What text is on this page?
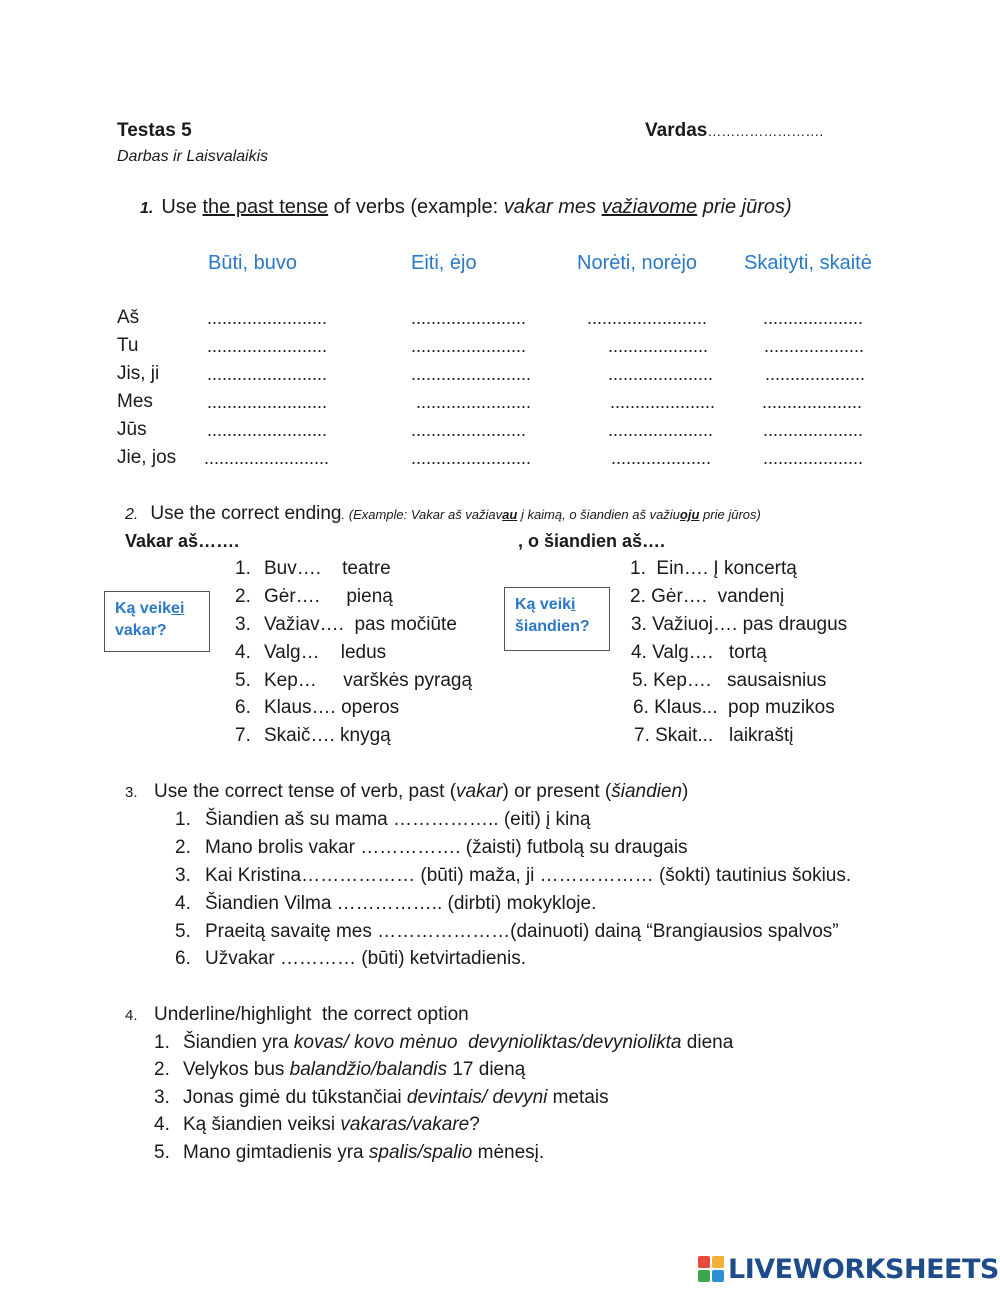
Testas 5
Darbas ir Laisvalaikis
Vardas…………………….
1. Use the past tense of verbs (example: vakar mes važiavome prie jūros)
Būti, buvo	Eiti, ėjo	Norėti, norėjo Skaityti, skaitė
Aš	........................	.......................	........................	....................
Tu	........................	.......................	....................	....................
Jis, ji	........................	........................	.....................	....................
Mes	........................	.......................	.....................	....................
Jūs	........................	.......................	.....................	....................
Jie, jos .........................	........................	....................	....................
2. Use the correct ending. (Example: Vakar aš važiavau į kaimą, o šiandien aš važiuoju prie jūros)
Vakar aš…….	, o šiandien aš….
Ką veikei
vakar?
Ką veiki
šiandien?
1. Buv….    teatre
2. Gėr….     pieną
3. Važiav….  pas močiūte
4. Valg…    ledus
5. Kep…     varškės pyragą
6. Klaus…. operos
7. Skaič…. knygą
1.  Ein…. Į koncertą
2. Gėr….  vandenį
3. Važiuoj…. pas draugus
4. Valg….   tortą
5. Kep….   sausaisnius
6. Klaus...  pop muzikos
7. Skait...   laikraštį
3. Use the correct tense of verb, past (vakar) or present (šiandien)
1. Šiandien aš su mama …………….. (eiti) į kiną
2. Mano brolis vakar ……………. (žaisti) futbolą su draugais
3. Kai Kristina……………… (būti) maža, ji ……………… (šokti) tautinius šokius.
4. Šiandien Vilma …………….. (dirbti) mokykloje.
5. Praeitą savaitę mes …………………(dainuoti) dainą “Brangiausios spalvos”
6. Užvakar ………… (būti) ketvirtadienis.
4. Underline/highlight  the correct option
1. Šiandien yra kovas/ kovo mėnuo  devynioliktas/devyniolikta diena
2. Velykos bus balandžio/balandis 17 dieną
3. Jonas gimė du tūkstančiai devintais/ devyni metais
4. Ką šiandien veiksi vakaras/vakare?
5. Mano gimtadienis yra spalis/spalio mėnesį.
LIVEWORKSHEETS
